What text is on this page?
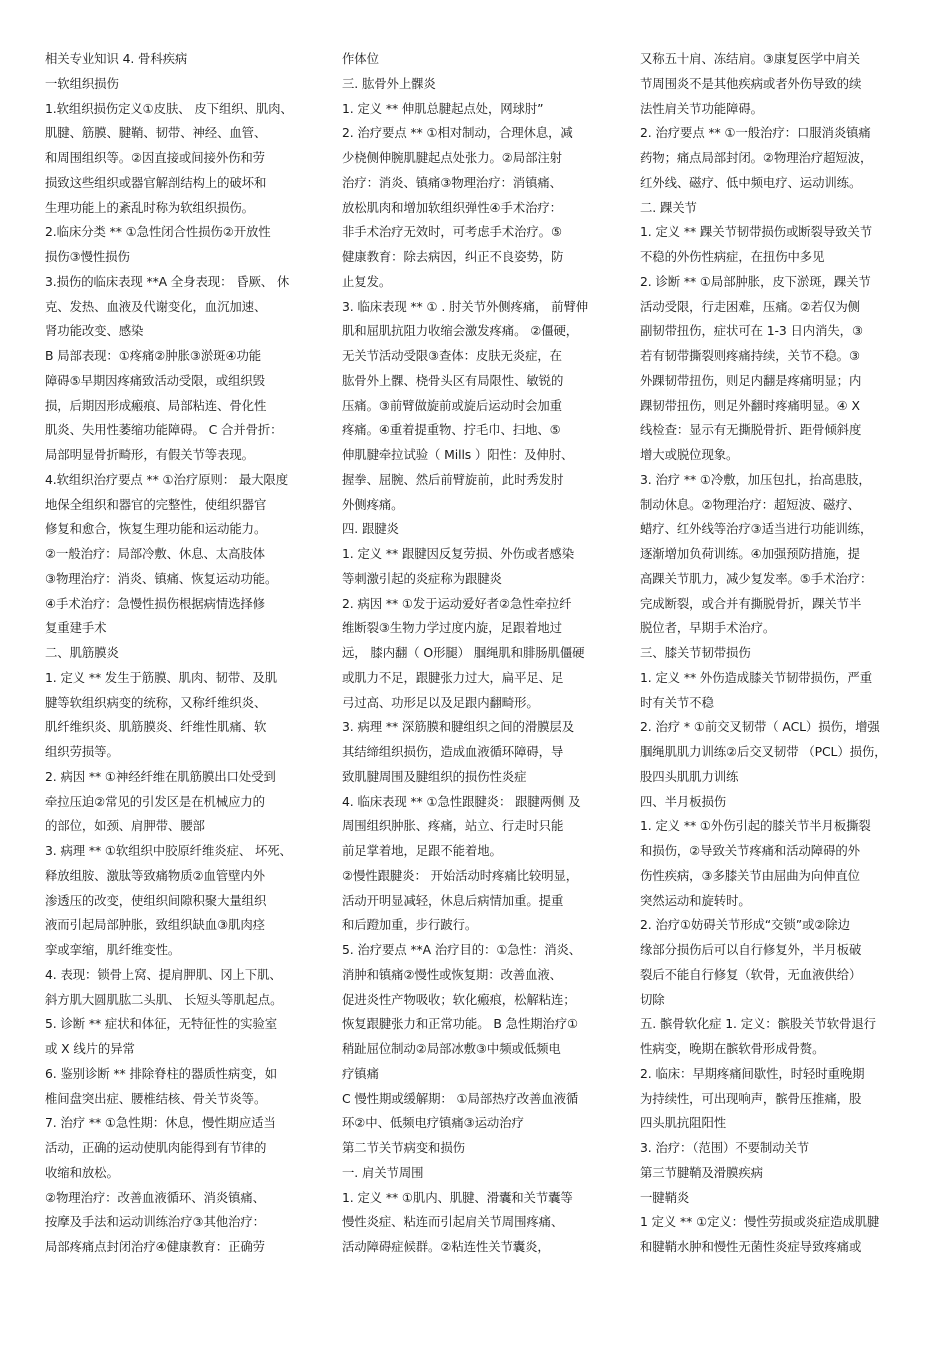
相关专业知识 4. 骨科疾病
一软组织损伤
1.软组织损伤定义①皮肤、 皮下组织、肌肉、
肌腱、筋膜、腱鞘、韧带、神经、血管、
和周围组织等。②因直接或间接外伤和劳
损致这些组织或器官解剖结构上的破坏和
生理功能上的紊乱时称为软组织损伤。
2.临床分类 ** ①急性闭合性损伤②开放性
损伤③慢性损伤
3.损伤的临床表现 **A 全身表现： 昏厥、 休
克、发热、血液及代谢变化，血沉加速、
肾功能改变、感染
B 局部表现：①疼痛②肿胀③淤斑④功能
障碍⑤早期因疼痛致活动受限，或组织毁
损，后期因形成瘢痕、局部粘连、骨化性
肌炎、失用性萎缩功能障碍。 C 合并骨折：
局部明显骨折畸形，有假关节等表现。
4.软组织治疗要点 ** ①治疗原则： 最大限度
地保全组织和器官的完整性，使组织器官
修复和愈合，恢复生理功能和运动能力。
②一般治疗：局部冷敷、休息、太高肢体
③物理治疗：消炎、镇痛、恢复运动功能。
④手术治疗：急慢性损伤根据病情选择修
复重建手术
二、肌筋膜炎
1. 定义 ** 发生于筋膜、肌肉、韧带、及肌
腱等软组织病变的统称，又称纤维织炎、
肌纤维织炎、肌筋膜炎、纤维性肌痛、软
组织劳损等。
2. 病因 ** ①神经纤维在肌筋膜出口处受到
牵拉压迫②常见的引发区是在机械应力的
的部位，如颈、肩胛带、腰部
3. 病理 ** ①软组织中胶原纤维炎症、 坏死、
释放组胺、激肽等致痛物质②血管壁内外
渗透压的改变，使组织间隙积聚大量组织
液而引起局部肿胀，致组织缺血③肌肉痉
挛或挛缩，肌纤维变性。
4. 表现：锁骨上窝、提肩胛肌、冈上下肌、
斜方肌大圆肌肱二头肌、 长短头等肌起点。
5. 诊断 ** 症状和体征，无特征性的实验室
或 X 线片的异常
6. 鉴别诊断 ** 排除脊柱的器质性病变，如
椎间盘突出症、腰椎结核、骨关节炎等。
7. 治疗 ** ①急性期：休息，慢性期应适当
活动，正确的运动使肌肉能得到有节律的
收缩和放松。
②物理治疗：改善血液循环、消炎镇痛、
按摩及手法和运动训练治疗③其他治疗：
局部疼痛点封闭治疗④健康教育：正确劳
作体位
三. 肱骨外上髁炎
1. 定义 ** 伸肌总腱起点处，网球肘”
2. 治疗要点 ** ①相对制动，合理休息，减
少桡侧伸腕肌腱起点处张力。②局部注射
治疗：消炎、镇痛③物理治疗：消镇痛、
放松肌肉和增加软组织弹性④手术治疗：
非手术治疗无效时，可考虑手术治疗。⑤
健康教育：除去病因，纠正不良姿势，防
止复发。
3. 临床表现 ** ① . 肘关节外侧疼痛， 前臂伸
肌和屈肌抗阻力收缩会激发疼痛。 ②僵硬，
无关节活动受限③查体：皮肤无炎症，在
肱骨外上髁、桡骨头区有局限性、敏锐的
压痛。③前臂做旋前或旋后运动时会加重
疼痛。④重着提重物、拧毛巾、扫地、⑤
伸肌腱牵拉试验（ Mills ）阳性：及伸肘、
握拳、屈腕、然后前臂旋前，此时秀发肘
外侧疼痛。
四. 跟腱炎
1. 定义 ** 跟腱因反复劳损、外伤或者感染
等刺激引起的炎症称为跟腱炎
2. 病因 ** ①发于运动爱好者②急性牵拉纤
维断裂③生物力学过度内旋，足跟着地过
远， 膝内翻（ O形腿） 腘绳肌和腓肠肌僵硬
或肌力不足，跟腱张力过大，扁平足、足
弓过高、功形足以及足跟内翻畸形。
3. 病理 ** 深筋膜和腱组织之间的滑膜层及
其结缔组织损伤，造成血液循环障碍，导
致肌腱周围及腱组织的损伤性炎症
4. 临床表现 ** ①急性跟腱炎： 跟腱两侧 及
周围组织肿胀、疼痛，站立、行走时只能
前足掌着地，足跟不能着地。
②慢性跟腱炎： 开始活动时疼痛比较明显，
活动开明显减轻，休息后病情加重。提重
和后蹬加重，步行跛行。
5. 治疗要点 **A 治疗目的：①急性：消炎、
消肿和镇痛②慢性或恢复期：改善血液、
促进炎性产物吸收；软化瘢痕，松解粘连；
恢复跟腱张力和正常功能。 B 急性期治疗①
稍趾屈位制动②局部冰敷③中频或低频电
疗镇痛
C 慢性期或缓解期： ①局部热疗改善血液循
环②中、低频电疗镇痛③运动治疗
第二节关节病变和损伤
一. 肩关节周围
1. 定义 ** ①肌内、肌腱、滑囊和关节囊等
慢性炎症、粘连而引起肩关节周围疼痛、
活动障碍症候群。②粘连性关节囊炎，
又称五十肩、冻结肩。③康复医学中肩关
节周围炎不是其他疾病或者外伤导致的续
法性肩关节功能障碍。
2. 治疗要点 ** ①一般治疗：口服消炎镇痛
药物；痛点局部封闭。②物理治疗超短波，
红外线、磁疗、低中频电疗、运动训练。
二. 踝关节
1. 定义 ** 踝关节韧带损伤或断裂导致关节
不稳的外伤性病症，在扭伤中多见
2. 诊断 ** ①局部肿胀，皮下淤斑，踝关节
活动受限，行走困难，压痛。②若仅为侧
副韧带扭伤，症状可在 1-3 日内消失，③
若有韧带撕裂则疼痛持续，关节不稳。③
外踝韧带扭伤，则足内翻是疼痛明显；内
踝韧带扭伤，则足外翻时疼痛明显。④ X
线检查：显示有无撕脱骨折、距骨倾斜度
增大或脱位现象。
3. 治疗 ** ①冷敷，加压包扎，抬高患肢，
制动休息。②物理治疗：超短波、磁疗、
蜡疗、红外线等治疗③适当进行功能训练，
逐渐增加负荷训练。④加强预防措施，提
高踝关节肌力，减少复发率。⑤手术治疗：
完成断裂，或合并有撕脱骨折，踝关节半
脱位者，早期手术治疗。
三、膝关节韧带损伤
1. 定义 ** 外伤造成膝关节韧带损伤，严重
时有关节不稳
2. 治疗 * ①前交叉韧带（ ACL）损伤，增强
腘绳肌肌力训练②后交叉韧带 （PCL）损伤，
股四头肌肌力训练
四、半月板损伤
1. 定义 ** ①外伤引起的膝关节半月板撕裂
和损伤，②导致关节疼痛和活动障碍的外
伤性疾病，③多膝关节由屈曲为向伸直位
突然运动和旋转时。
2. 治疗①妨碍关节形成“交锁”或②除边
缘部分损伤后可以自行修复外，半月板破
裂后不能自行修复（软骨，无血液供给）
切除
五. 髌骨软化症 1. 定义：髌股关节软骨退行
性病变，晚期在髌软骨形成骨赘。
2. 临床：早期疼痛间歇性，时轻时重晚期
为持续性，可出现响声，髌骨压推痛，股
四头肌抗阻阳性
3. 治疗：（范围）不要制动关节
第三节腱鞘及滑膜疾病
一腱鞘炎
1 定义 ** ①定义：慢性劳损或炎症造成肌腱
和腱鞘水肿和慢性无菌性炎症导致疼痛或
